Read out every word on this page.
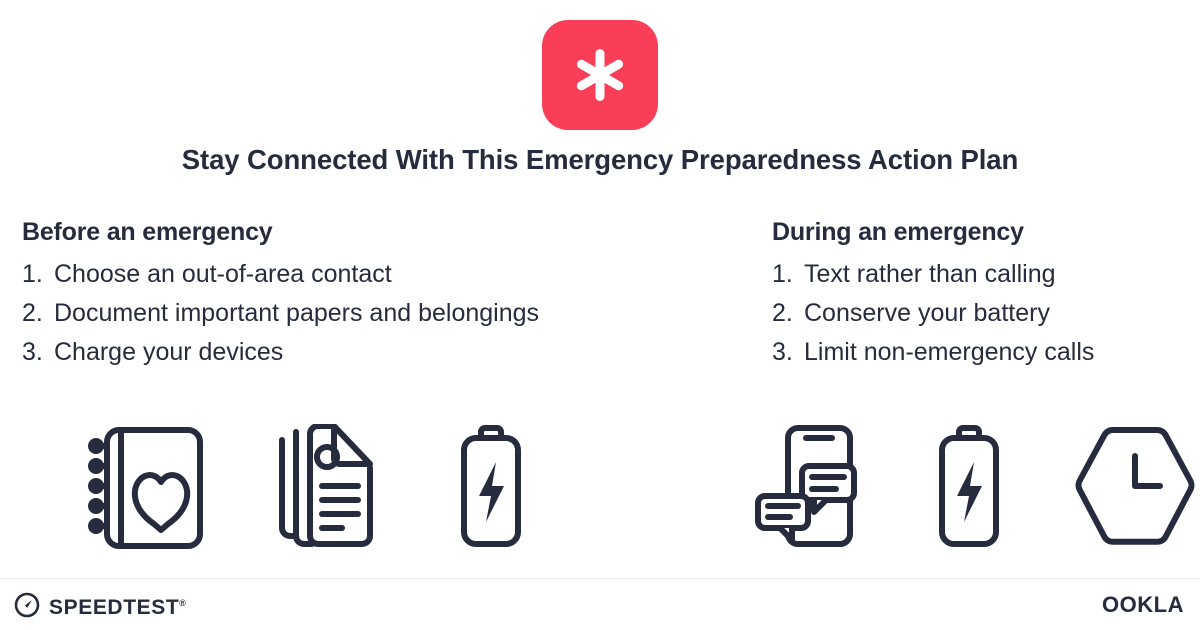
Stay Connected With This Emergency Preparedness Action Plan
Before an emergency
1. Choose an out-of-area contact
2. Document important papers and belongings
3. Charge your devices
During an emergency
1. Text rather than calling
2. Conserve your battery
3. Limit non-emergency calls
SPEEDTEST®	OOKLA
